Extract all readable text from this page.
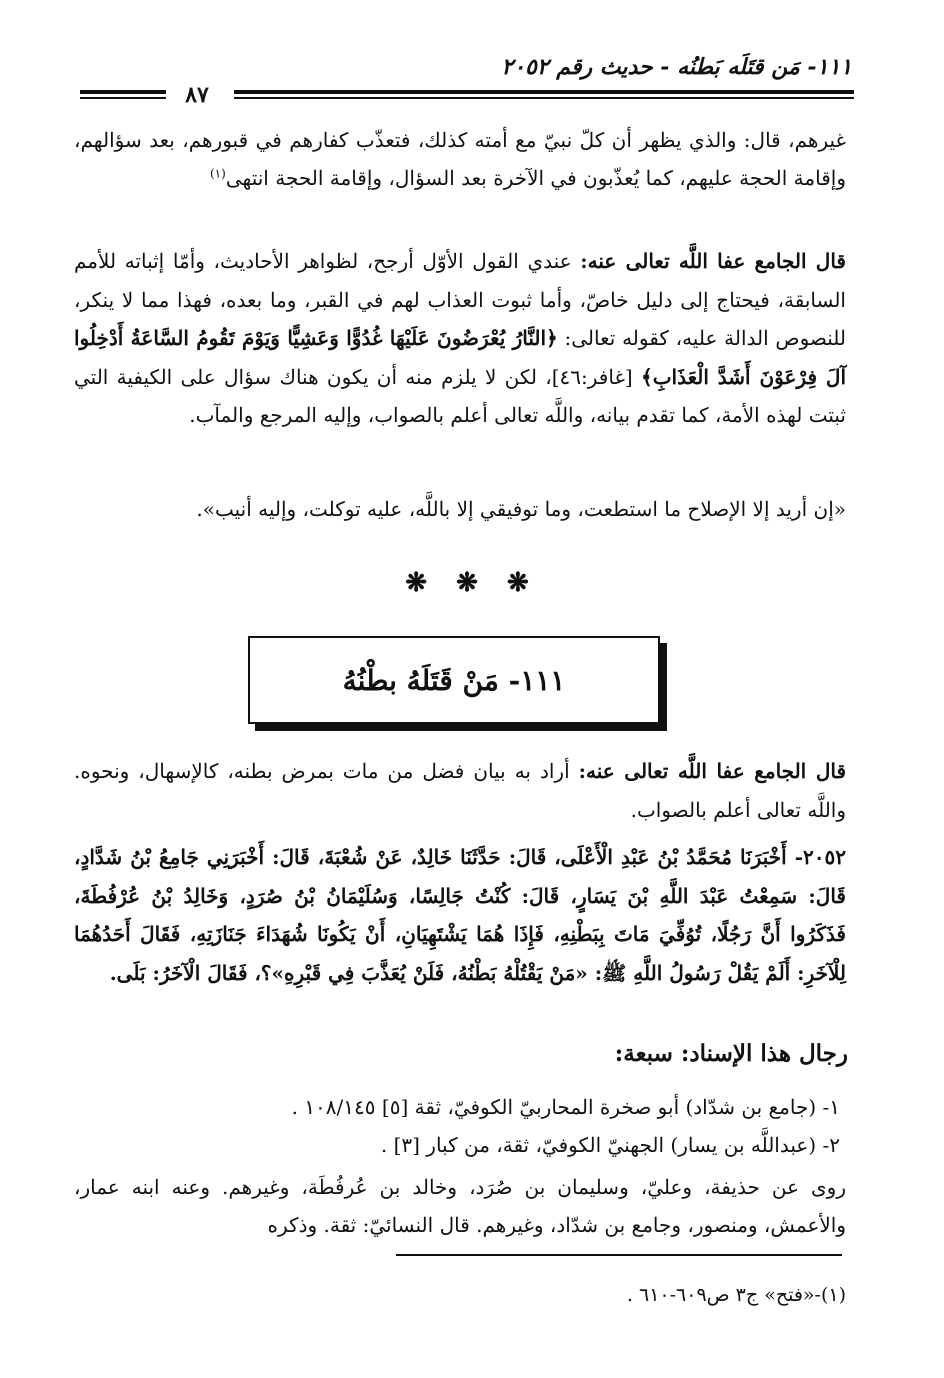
١١١- مَن قتَلَه بَطنُه - حديث رقم ٢٠٥٢
٨٧
غيرهم، قال: والذي يظهر أن كلّ نبيّ مع أمته كذلك، فتعذّب كفارهم في قبورهم، بعد سؤالهم، وإقامة الحجة عليهم، كما يُعذّبون في الآخرة بعد السؤال، وإقامة الحجة انتهى$^{(١)}$
قال الجامع عفا اللَّه تعالى عنه: عندي القول الأوّل أرجح، لظواهر الأحاديث، وأمّا إثباته للأمم السابقة، فيحتاج إلى دليل خاصّ، وأما ثبوت العذاب لهم في القبر، وما بعده، فهذا مما لا ينكر، للنصوص الدالة عليه، كقوله تعالى: ﴿النَّارُ يُعْرَضُونَ عَلَيْهَا غُدُوًّا وَعَشِيًّا وَيَوْمَ تَقُومُ السَّاعَةُ أَدْخِلُوا آلَ فِرْعَوْنَ أَشَدَّ الْعَذَابِ﴾ [غافر:٤٦]، لكن لا يلزم منه أن يكون هناك سؤال على الكيفية التي ثبتت لهذه الأمة، كما تقدم بيانه، واللَّه تعالى أعلم بالصواب، وإليه المرجع والمآب.
«إن أريد إلا الإصلاح ما استطعت، وما توفيقي إلا باللَّه، عليه توكلت، وإليه أنيب».
❋ ❋ ❋
١١١- مَنْ قَتَلَهُ بطْنُهُ
قال الجامع عفا اللَّه تعالى عنه: أراد به بيان فضل من مات بمرض بطنه، كالإسهال، ونحوه. واللَّه تعالى أعلم بالصواب.
٢٠٥٢- أَخْبَرَنَا مُحَمَّدُ بْنُ عَبْدِ الْأَعْلَى، قَالَ: حَدَّثَنَا خَالِدٌ، عَنْ شُعْبَةَ، قَالَ: أَخْبَرَنِي جَامِعُ بْنُ شَدَّادٍ، قَالَ: سَمِعْتُ عَبْدَ اللَّهِ بْنَ يَسَارٍ، قَالَ: كُنْتُ جَالِسًا، وَسُلَيْمَانُ بْنُ صُرَدٍ، وَخَالِدُ بْنُ عُرْفُطَةَ، فَذَكَرُوا أَنَّ رَجُلًا، تُوُفِّيَ مَاتَ بِبَطْنِهِ، فَإِذَا هُمَا يَشْتَهِيَانِ، أَنْ يَكُونَا شُهَدَاءَ جَنَازَتِهِ، فَقَالَ أَحَدُهُمَا لِلْآخَرِ: أَلَمْ يَقُلْ رَسُولُ اللَّهِ ﷺ: «مَنْ يَقْتُلْهُ بَطْنُهُ، فَلَنْ يُعَذَّبَ فِي قَبْرِهِ»؟، فَقَالَ الْآخَرُ: بَلَى.
رجال هذا الإسناد: سبعة:
١- (جامع بن شدّاد) أبو صخرة المحاربيّ الكوفيّ، ثقة [٥] ١٠٨/١٤٥ .
٢- (عبداللَّه بن يسار) الجهنيّ الكوفيّ، ثقة، من كبار [٣] .
روى عن حذيفة، وعليّ، وسليمان بن صُرَد، وخالد بن عُرفُطَة، وغيرهم. وعنه ابنه عمار، والأعمش، ومنصور، وجامع بن شدّاد، وغيرهم. قال النسائيّ: ثقة. وذكره
(١)-«فتح» ج٣ ص٦٠٩-٦١٠ .
